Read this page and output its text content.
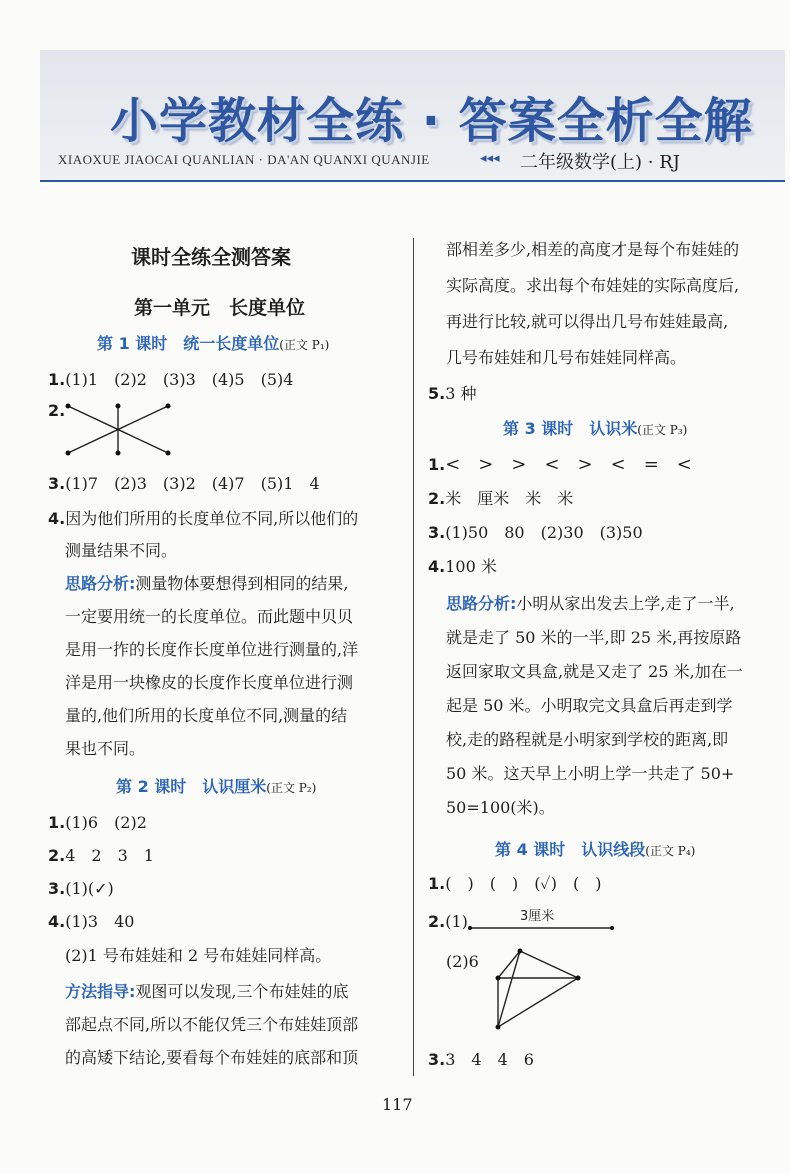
小学教材全练 · 答案全析全解
XIAOXUE JIAOCAI QUANLIAN · DA'AN QUANXI QUANJIE	◂◂◂ 二年级数学(上) · RJ
课时全练全测答案
第一单元　长度单位
第 1 课时　统一长度单位(正文 P₁)
1.(1)1　(2)2　(3)3　(4)5　(5)4
2.
3.(1)7　(2)3　(3)2　(4)7　(5)1　4
4.因为他们所用的长度单位不同,所以他们的
测量结果不同。
思路分析:测量物体要想得到相同的结果,
一定要用统一的长度单位。而此题中贝贝
是用一拃的长度作长度单位进行测量的,洋
洋是用一块橡皮的长度作长度单位进行测
量的,他们所用的长度单位不同,测量的结
果也不同。
第 2 课时　认识厘米(正文 P₂)
1.(1)6　(2)2
2.4　2　3　1
3.(1)(✓)
4.(1)3　40
(2)1 号布娃娃和 2 号布娃娃同样高。
方法指导:观图可以发现,三个布娃娃的底
部起点不同,所以不能仅凭三个布娃娃顶部
的高矮下结论,要看每个布娃娃的底部和顶
部相差多少,相差的高度才是每个布娃娃的
实际高度。求出每个布娃娃的实际高度后,
再进行比较,就可以得出几号布娃娃最高,
几号布娃娃和几号布娃娃同样高。
5.3 种
第 3 课时　认识米(正文 P₃)
1.<　>　>　<　>　<　=　<
2.米　厘米　米　米
3.(1)50　80　(2)30　(3)50
4.100 米
思路分析:小明从家出发去上学,走了一半,
就是走了 50 米的一半,即 25 米,再按原路
返回家取文具盒,就是又走了 25 米,加在一
起是 50 米。小明取完文具盒后再走到学
校,走的路程就是小明家到学校的距离,即
50 米。这天早上小明上学一共走了 50+
50=100(米)。
第 4 课时　认识线段(正文 P₄)
1.(　)　(　)　(✓)　(　)
2.(1)	3厘米
(2)6
3.3　4　4　6
117
